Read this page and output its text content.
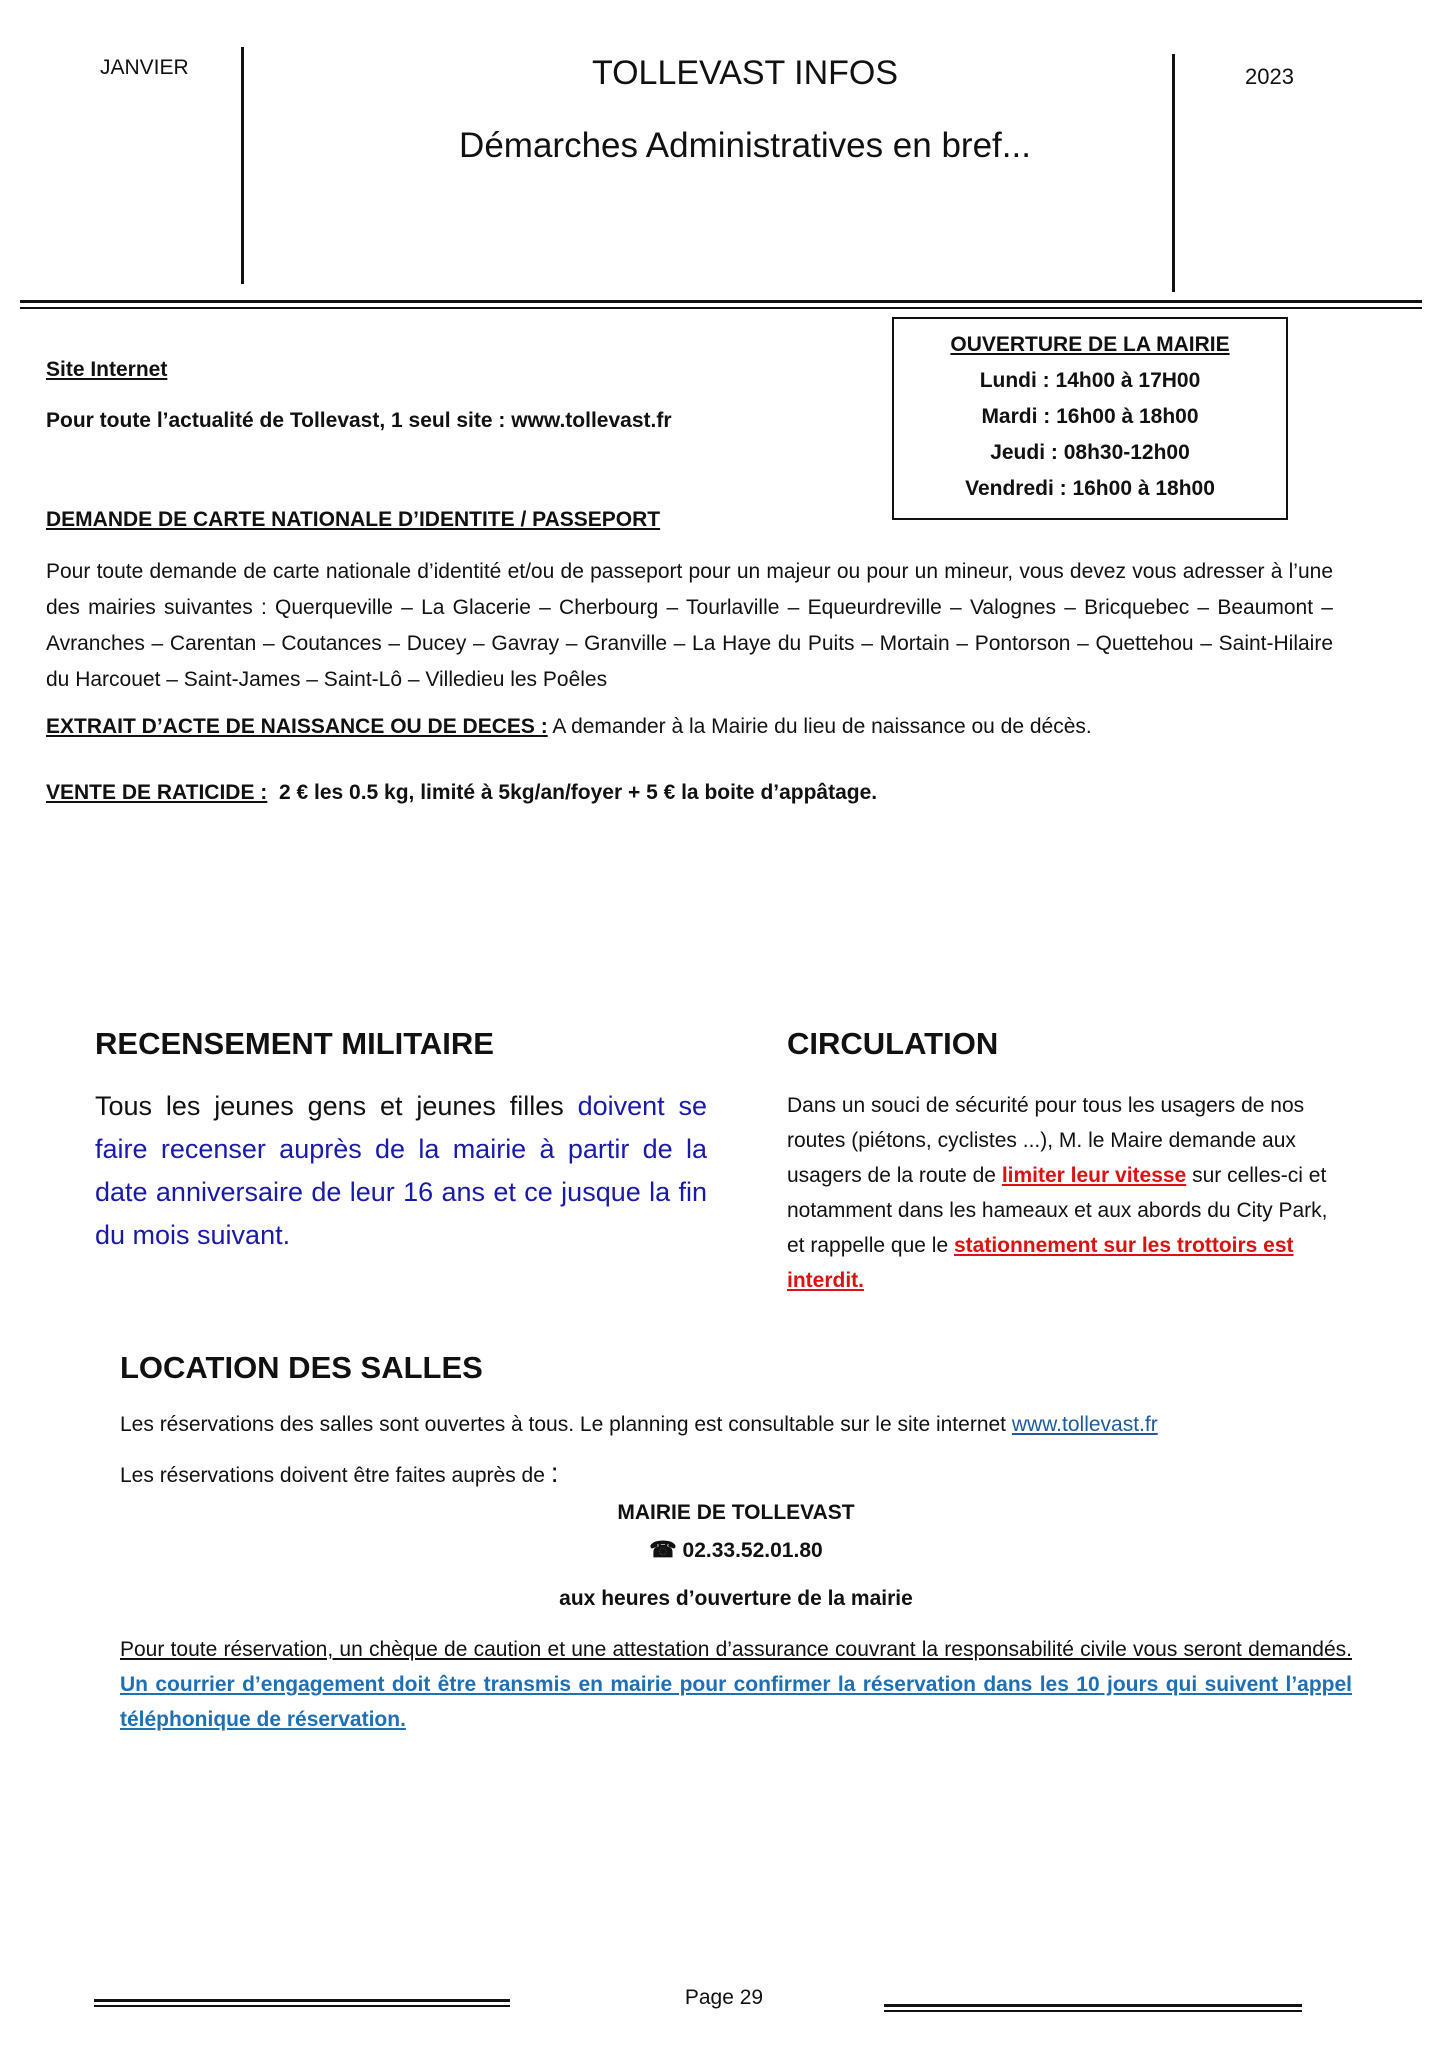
JANVIER	TOLLEVAST INFOS
Démarches Administratives en bref...
2023
Site Internet
Pour toute l’actualité de Tollevast, 1 seul site : www.tollevast.fr
OUVERTURE DE LA MAIRIE
Lundi : 14h00 à 17H00
Mardi : 16h00 à 18h00
Jeudi : 08h30-12h00
Vendredi : 16h00 à 18h00
DEMANDE DE CARTE NATIONALE D’IDENTITE / PASSEPORT
Pour toute demande de carte nationale d’identité et/ou de passeport pour un majeur ou pour un mineur, vous devez vous adresser à l’une des mairies suivantes : Querqueville – La Glacerie – Cherbourg – Tourlaville – Equeurdreville – Valognes – Bricquebec – Beaumont – Avranches – Carentan – Coutances – Ducey – Gavray – Granville – La Haye du Puits – Mortain – Pontorson – Quettehou – Saint-Hilaire du Harcouet – Saint-James – Saint-Lô – Villedieu les Poêles
EXTRAIT D’ACTE DE NAISSANCE OU DE DECES : A demander à la Mairie du lieu de naissance ou de décès.
VENTE DE RATICIDE :  2 € les 0.5 kg, limité à 5kg/an/foyer + 5 € la boite d’appâtage.
RECENSEMENT MILITAIRE
Tous les jeunes gens et jeunes filles doivent se faire recenser auprès de la mairie à partir de la date anniversaire de leur 16 ans et ce jusque la fin du mois suivant.
CIRCULATION
Dans un souci de sécurité pour tous les usagers de nos routes (piétons, cyclistes ...), M. le Maire demande aux usagers de la route de limiter leur vitesse sur celles-ci et notamment dans les hameaux et aux abords du City Park, et rappelle que le stationnement sur les trottoirs est interdit.
LOCATION DES SALLES
Les réservations des salles sont ouvertes à tous. Le planning est consultable sur le site internet www.tollevast.fr
Les réservations doivent être faites auprès de :
MAIRIE DE TOLLEVAST
☎ 02.33.52.01.80
aux heures d’ouverture de la mairie
Pour toute réservation, un chèque de caution et une attestation d’assurance couvrant la responsabilité civile vous seront demandés. Un courrier d’engagement doit être transmis en mairie pour confirmer la réservation dans les 10 jours qui suivent l’appel téléphonique de réservation.
Page 29
